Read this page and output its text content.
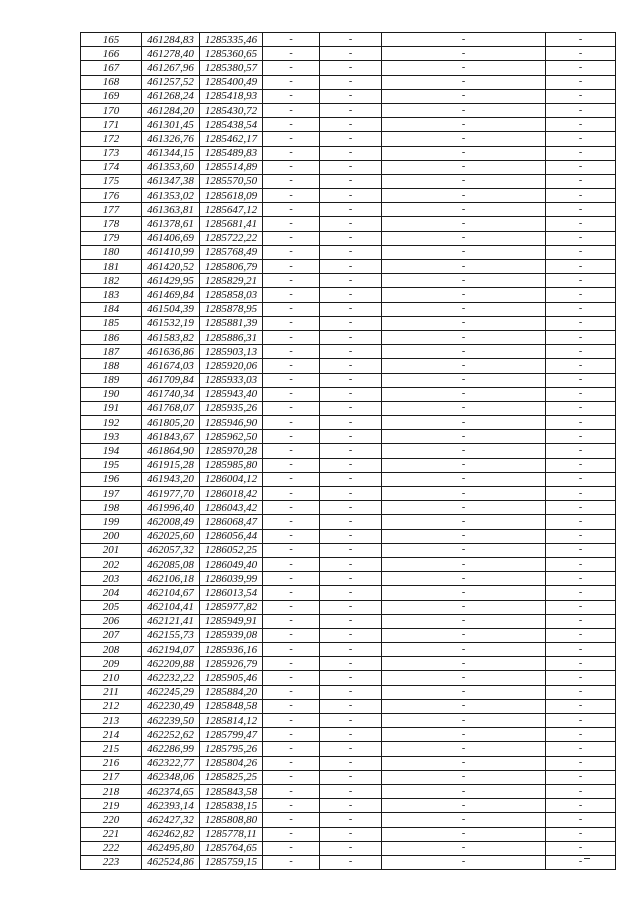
165	461284,83	1285335,46	-	-	-	-
166	461278,40	1285360,65	-	-	-	-
167	461267,96	1285380,57	-	-	-	-
168	461257,52	1285400,49	-	-	-	-
169	461268,24	1285418,93	-	-	-	-
170	461284,20	1285430,72	-	-	-	-
171	461301,45	1285438,54	-	-	-	-
172	461326,76	1285462,17	-	-	-	-
173	461344,15	1285489,83	-	-	-	-
174	461353,60	1285514,89	-	-	-	-
175	461347,38	1285570,50	-	-	-	-
176	461353,02	1285618,09	-	-	-	-
177	461363,81	1285647,12	-	-	-	-
178	461378,61	1285681,41	-	-	-	-
179	461406,69	1285722,22	-	-	-	-
180	461410,99	1285768,49	-	-	-	-
181	461420,52	1285806,79	-	-	-	-
182	461429,95	1285829,21	-	-	-	-
183	461469,84	1285858,03	-	-	-	-
184	461504,39	1285878,95	-	-	-	-
185	461532,19	1285881,39	-	-	-	-
186	461583,82	1285886,31	-	-	-	-
187	461636,86	1285903,13	-	-	-	-
188	461674,03	1285920,06	-	-	-	-
189	461709,84	1285933,03	-	-	-	-
190	461740,34	1285943,40	-	-	-	-
191	461768,07	1285935,26	-	-	-	-
192	461805,20	1285946,90	-	-	-	-
193	461843,67	1285962,50	-	-	-	-
194	461864,90	1285970,28	-	-	-	-
195	461915,28	1285985,80	-	-	-	-
196	461943,20	1286004,12	-	-	-	-
197	461977,70	1286018,42	-	-	-	-
198	461996,40	1286043,42	-	-	-	-
199	462008,49	1286068,47	-	-	-	-
200	462025,60	1286056,44	-	-	-	-
201	462057,32	1286052,25	-	-	-	-
202	462085,08	1286049,40	-	-	-	-
203	462106,18	1286039,99	-	-	-	-
204	462104,67	1286013,54	-	-	-	-
205	462104,41	1285977,82	-	-	-	-
206	462121,41	1285949,91	-	-	-	-
207	462155,73	1285939,08	-	-	-	-
208	462194,07	1285936,16	-	-	-	-
209	462209,88	1285926,79	-	-	-	-
210	462232,22	1285905,46	-	-	-	-
211	462245,29	1285884,20	-	-	-	-
212	462230,49	1285848,58	-	-	-	-
213	462239,50	1285814,12	-	-	-	-
214	462252,62	1285799,47	-	-	-	-
215	462286,99	1285795,26	-	-	-	-
216	462322,77	1285804,26	-	-	-	-
217	462348,06	1285825,25	-	-	-	-
218	462374,65	1285843,58	-	-	-	-
219	462393,14	1285838,15	-	-	-	-
220	462427,32	1285808,80	-	-	-	-
221	462462,82	1285778,11	-	-	-	-
222	462495,80	1285764,65	-	-	-	-
223	462524,86	1285759,15	-	-	-	-
